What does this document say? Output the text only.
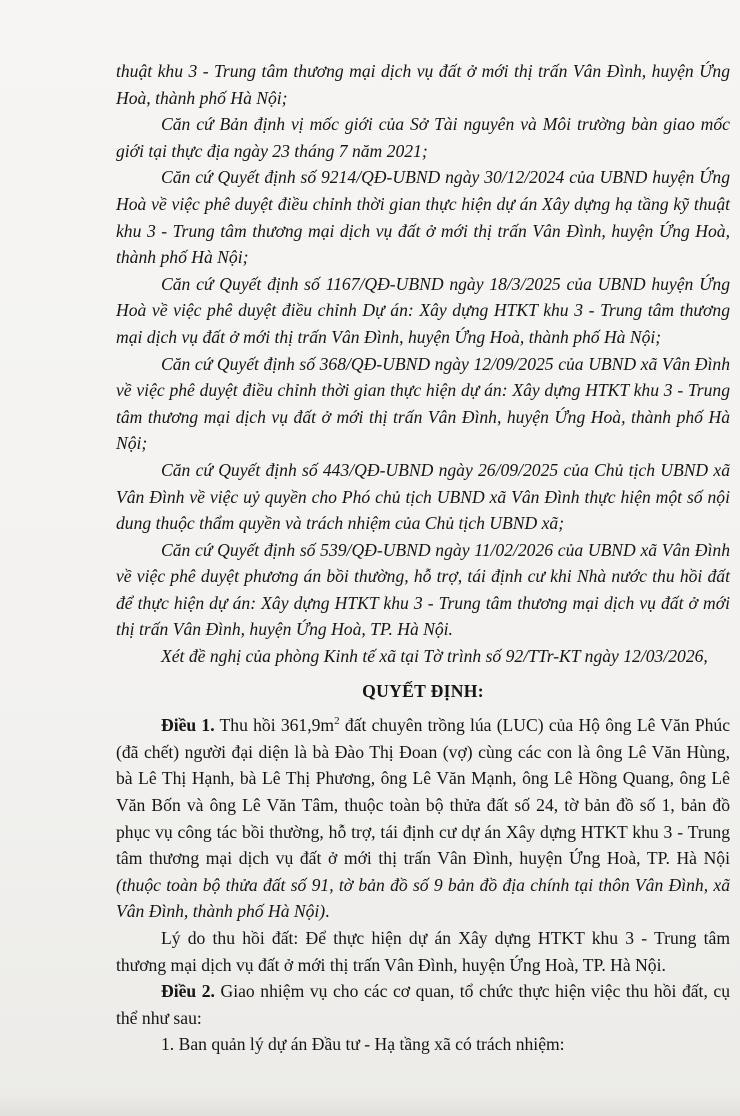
thuật khu 3 - Trung tâm thương mại dịch vụ đất ở mới thị trấn Vân Đình, huyện Ứng Hoà, thành phố Hà Nội;

Căn cứ Bản định vị mốc giới của Sở Tài nguyên và Môi trường bàn giao mốc giới tại thực địa ngày 23 tháng 7 năm 2021;

Căn cứ Quyết định số 9214/QĐ-UBND ngày 30/12/2024 của UBND huyện Ứng Hoà về việc phê duyệt điều chỉnh thời gian thực hiện dự án Xây dựng hạ tầng kỹ thuật khu 3 - Trung tâm thương mại dịch vụ đất ở mới thị trấn Vân Đình, huyện Ứng Hoà, thành phố Hà Nội;

Căn cứ Quyết định số 1167/QĐ-UBND ngày 18/3/2025 của UBND huyện Ứng Hoà về việc phê duyệt điều chỉnh Dự án: Xây dựng HTKT khu 3 - Trung tâm thương mại dịch vụ đất ở mới thị trấn Vân Đình, huyện Ứng Hoà, thành phố Hà Nội;

Căn cứ Quyết định số 368/QĐ-UBND ngày 12/09/2025 của UBND xã Vân Đình về việc phê duyệt điều chỉnh thời gian thực hiện dự án: Xây dựng HTKT khu 3 - Trung tâm thương mại dịch vụ đất ở mới thị trấn Vân Đình, huyện Ứng Hoà, thành phố Hà Nội;

Căn cứ Quyết định số 443/QĐ-UBND ngày 26/09/2025 của Chủ tịch UBND xã Vân Đình về việc uỷ quyền cho Phó chủ tịch UBND xã Vân Đình thực hiện một số nội dung thuộc thẩm quyền và trách nhiệm của Chủ tịch UBND xã;

Căn cứ Quyết định số 539/QĐ-UBND ngày 11/02/2026 của UBND xã Vân Đình về việc phê duyệt phương án bồi thường, hỗ trợ, tái định cư khi Nhà nước thu hồi đất để thực hiện dự án: Xây dựng HTKT khu 3 - Trung tâm thương mại dịch vụ đất ở mới thị trấn Vân Đình, huyện Ứng Hoà, TP. Hà Nội.

Xét đề nghị của phòng Kinh tế xã tại Tờ trình số 92/TTr-KT ngày 12/03/2026,

QUYẾT ĐỊNH:

Điều 1. Thu hồi $361,9m^2$ đất chuyên trồng lúa (LUC) của Hộ ông Lê Văn Phúc (đã chết) người đại diện là bà Đào Thị Đoan (vợ) cùng các con là ông Lê Văn Hùng, bà Lê Thị Hạnh, bà Lê Thị Phương, ông Lê Văn Mạnh, ông Lê Hồng Quang, ông Lê Văn Bốn và ông Lê Văn Tâm, thuộc toàn bộ thửa đất số 24, tờ bản đồ số 1, bản đồ phục vụ công tác bồi thường, hỗ trợ, tái định cư dự án Xây dựng HTKT khu 3 - Trung tâm thương mại dịch vụ đất ở mới thị trấn Vân Đình, huyện Ứng Hoà, TP. Hà Nội (thuộc toàn bộ thửa đất số 91, tờ bản đồ số 9 bản đồ địa chính tại thôn Vân Đình, xã Vân Đình, thành phố Hà Nội).

Lý do thu hồi đất: Để thực hiện dự án Xây dựng HTKT khu 3 - Trung tâm thương mại dịch vụ đất ở mới thị trấn Vân Đình, huyện Ứng Hoà, TP. Hà Nội.

Điều 2. Giao nhiệm vụ cho các cơ quan, tổ chức thực hiện việc thu hồi đất, cụ thể như sau:

1. Ban quản lý dự án Đầu tư - Hạ tầng xã có trách nhiệm:
